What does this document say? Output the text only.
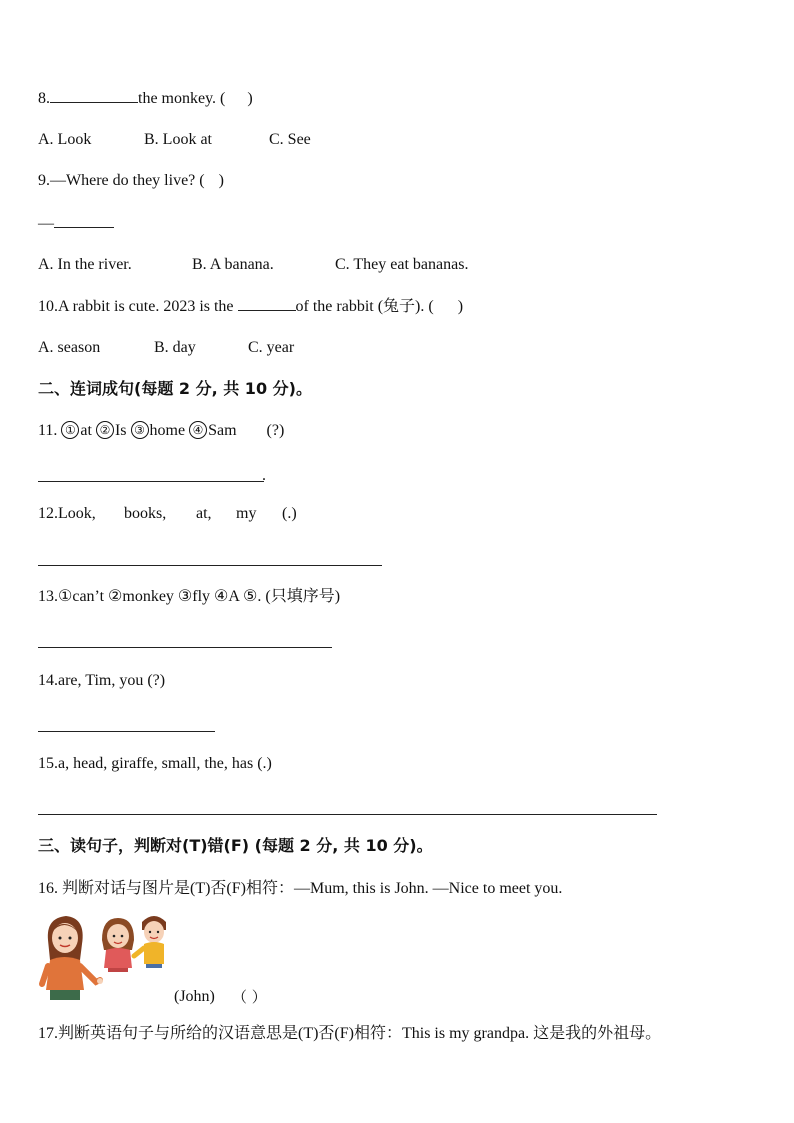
8.	the monkey. ( )
A. Look	B. Look at	C. See
9.—Where do they live? ( )
—
A. In the river.	B. A banana.	C. They eat bananas.
10.A rabbit is cute. 2023 is the	of the rabbit (兔子). ( )
A. season	B. day	C. year
二、连词成句(每题 2 分, 共 10 分)。
11. ① at ② Is ③ home ④ Sam (?)
.
12.Look, books, at, my (.)
13.①can’t ②monkey ③fly ④A ⑤. (只填序号)
14.are, Tim, you (?)
15.a, head, giraffe, small, the, has (.)
三、读句子，判断对(T)错(F) (每题 2 分, 共 10 分)。
16. 判断对话与图片是(T)否(F)相符：—Mum, this is John. —Nice to meet you.
(John) （ ）
17.判断英语句子与所给的汉语意思是(T)否(F)相符：This is my grandpa. 这是我的外祖母。
